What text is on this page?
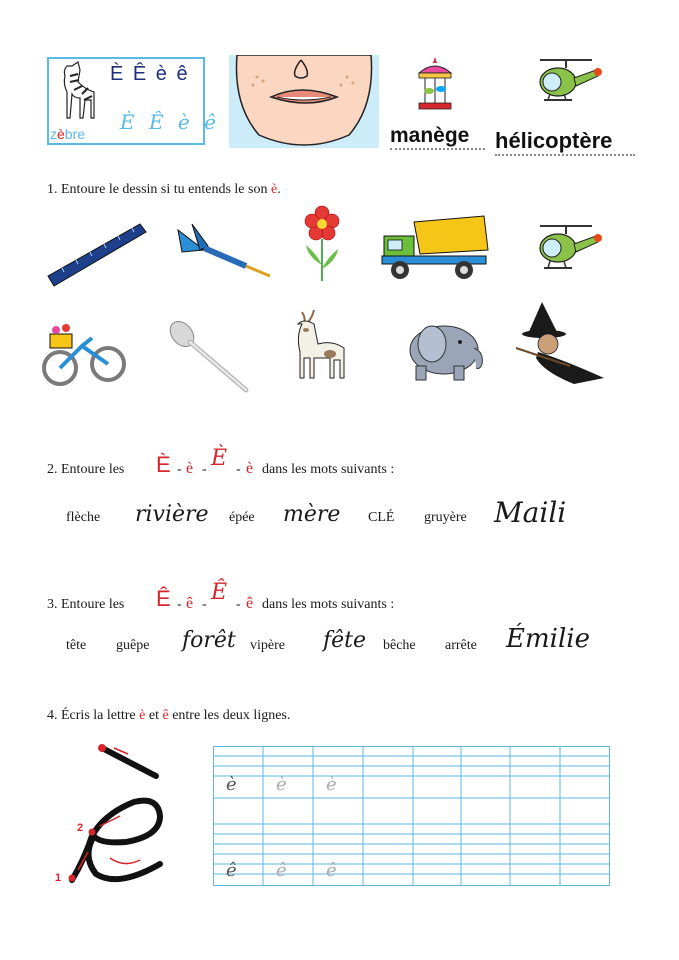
È Ê è ê
È Ê è ê
zèbre	manège hélicoptère
1. Entoure le dessin si tu entends le son è.
2. Entoure les È - è - È - è dans les mots suivants :
flèche rivière épée mère CLÉ gruyère Maili
3. Entoure les Ê - ê - Ê - ê dans les mots suivants :
tête guêpe forêt vipère fête bêche arrête Émilie
4. Écris la lettre è et ê entre les deux lignes.
1
2
è è è
ê ê ê
